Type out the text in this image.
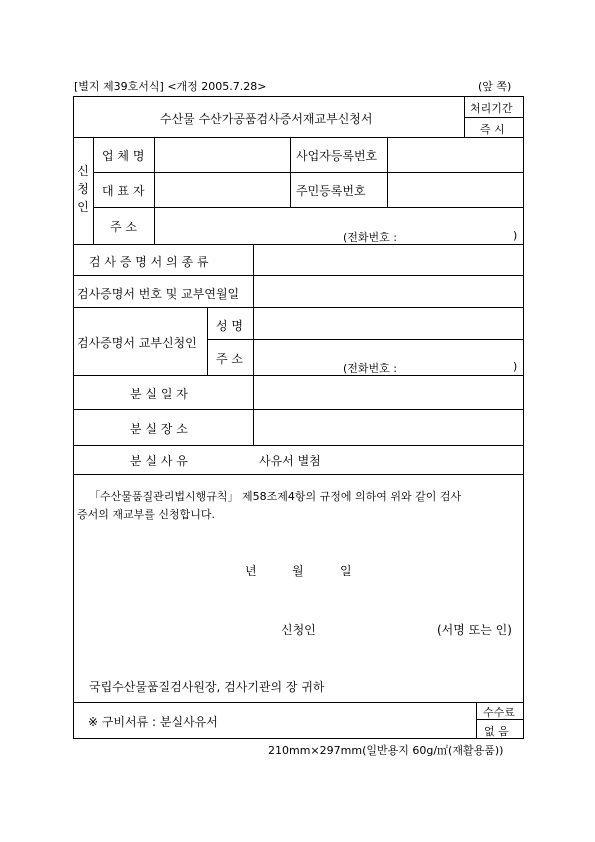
[별지 제39호서식] <개정 2005.7.28>	(앞 쪽)
수산물 수산가공품검사증서재교부신청서
처리기간
즉 시
신
청
인
업 체 명	사업자등록번호
대 표 자	주민등록번호
주 소
(전화번호 :	)
검 사 증 명 서 의 종 류
검사증명서 번호 및 교부연월일
검사증명서 교부신청인
성 명
주 소
(전화번호 :	)
분 실 일 자
분 실 장 소
분 실 사 유	사유서 별첨
「수산물품질관리법시행규칙」 제58조제4항의 규정에 의하여 위와 같이 검사
증서의 재교부를 신청합니다.
년	월	일
신청인	(서명 또는 인)
국립수산물품질검사원장, 검사기관의 장 귀하
※ 구비서류 : 분실사유서
수수료
없 음
210mm×297mm(일반용지 60g/㎡(재활용품))
